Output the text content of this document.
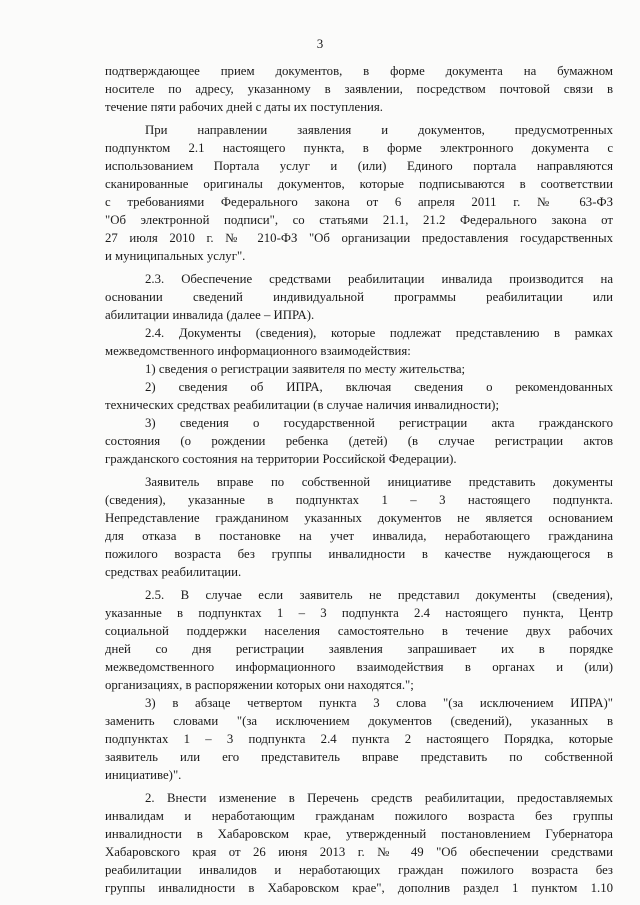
3
подтверждающее прием документов, в форме документа на бумажном
носителе по адресу, указанному в заявлении, посредством почтовой связи в
течение пяти рабочих дней с даты их поступления.
При направлении заявления и документов, предусмотренных
подпунктом 2.1 настоящего пункта, в форме электронного документа с
использованием Портала услуг и (или) Единого портала направляются
сканированные оригиналы документов, которые подписываются в соответствии
с требованиями Федерального закона от 6 апреля 2011 г. № 63-ФЗ
"Об электронной подписи", со статьями 21.1, 21.2 Федерального закона от
27 июля 2010 г. № 210-ФЗ "Об организации предоставления государственных
и муниципальных услуг".
2.3. Обеспечение средствами реабилитации инвалида производится на
основании сведений индивидуальной программы реабилитации или
абилитации инвалида (далее – ИПРА).
2.4. Документы (сведения), которые подлежат представлению в рамках
межведомственного информационного взаимодействия:
1) сведения о регистрации заявителя по месту жительства;
2) сведения об ИПРА, включая сведения о рекомендованных
технических средствах реабилитации (в случае наличия инвалидности);
3) сведения о государственной регистрации акта гражданского
состояния (о рождении ребенка (детей) (в случае регистрации актов
гражданского состояния на территории Российской Федерации).
Заявитель вправе по собственной инициативе представить документы
(сведения), указанные в подпунктах 1 – 3 настоящего подпункта.
Непредставление гражданином указанных документов не является основанием
для отказа в постановке на учет инвалида, неработающего гражданина
пожилого возраста без группы инвалидности в качестве нуждающегося в
средствах реабилитации.
2.5. В случае если заявитель не представил документы (сведения),
указанные в подпунктах 1 – 3 подпункта 2.4 настоящего пункта, Центр
социальной поддержки населения самостоятельно в течение двух рабочих
дней со дня регистрации заявления запрашивает их в порядке
межведомственного информационного взаимодействия в органах и (или)
организациях, в распоряжении которых они находятся.";
3) в абзаце четвертом пункта 3 слова "(за исключением ИПРА)"
заменить словами "(за исключением документов (сведений), указанных в
подпунктах 1 – 3 подпункта 2.4 пункта 2 настоящего Порядка, которые
заявитель или его представитель вправе представить по собственной
инициативе)".
2. Внести изменение в Перечень средств реабилитации, предоставляемых
инвалидам и неработающим гражданам пожилого возраста без группы
инвалидности в Хабаровском крае, утвержденный постановлением Губернатора
Хабаровского края от 26 июня 2013 г. № 49 "Об обеспечении средствами
реабилитации инвалидов и неработающих граждан пожилого возраста без
группы инвалидности в Хабаровском крае", дополнив раздел 1 пунктом 1.10
